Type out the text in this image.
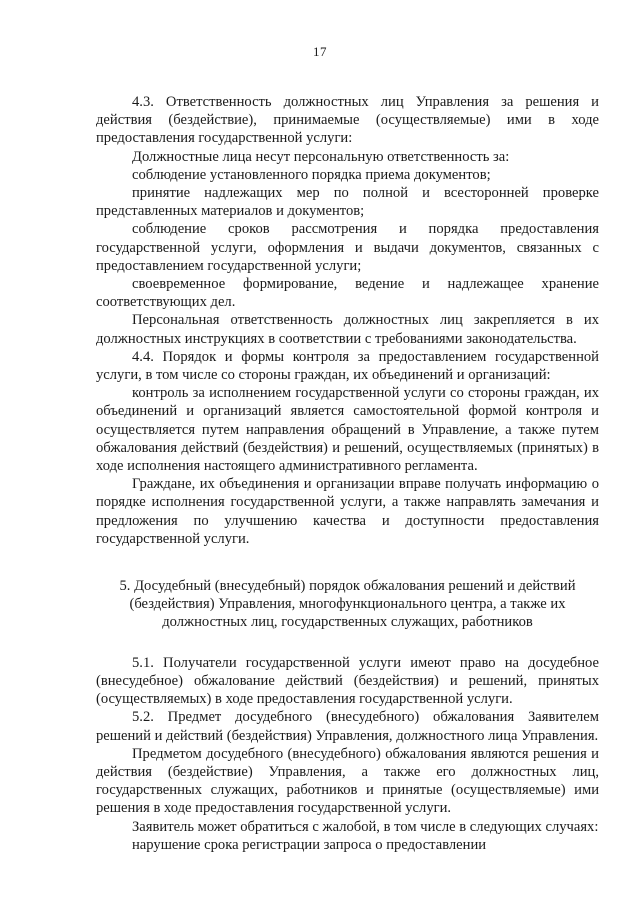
17

4.3. Ответственность должностных лиц Управления за решения и действия (бездействие), принимаемые (осуществляемые) ими в ходе предоставления государственной услуги:

Должностные лица несут персональную ответственность за:

соблюдение установленного порядка приема документов;

принятие надлежащих мер по полной и всесторонней проверке представленных материалов и документов;

соблюдение сроков рассмотрения и порядка предоставления государственной услуги, оформления и выдачи документов, связанных с предоставлением государственной услуги;

своевременное формирование, ведение и надлежащее хранение соответствующих дел.

Персональная ответственность должностных лиц закрепляется в их должностных инструкциях в соответствии с требованиями законодательства.

4.4. Порядок и формы контроля за предоставлением государственной услуги, в том числе со стороны граждан, их объединений и организаций:

контроль за исполнением государственной услуги со стороны граждан, их объединений и организаций является самостоятельной формой контроля и осуществляется путем направления обращений в Управление, а также путем обжалования действий (бездействия) и решений, осуществляемых (принятых) в ходе исполнения настоящего административного регламента.

Граждане, их объединения и организации вправе получать информацию о порядке исполнения государственной услуги, а также направлять замечания и предложения по улучшению качества и доступности предоставления государственной услуги.

5. Досудебный (внесудебный) порядок обжалования решений и действий (бездействия) Управления, многофункционального центра, а также их должностных лиц, государственных служащих, работников

5.1. Получатели государственной услуги имеют право на досудебное (внесудебное) обжалование действий (бездействия) и решений, принятых (осуществляемых) в ходе предоставления государственной услуги.

5.2. Предмет досудебного (внесудебного) обжалования Заявителем решений и действий (бездействия) Управления, должностного лица Управления.

Предметом досудебного (внесудебного) обжалования являются решения и действия (бездействие) Управления, а также его должностных лиц, государственных служащих, работников и принятые (осуществляемые) ими решения в ходе предоставления государственной услуги.

Заявитель может обратиться с жалобой, в том числе в следующих случаях:

нарушение срока регистрации запроса о предоставлении
